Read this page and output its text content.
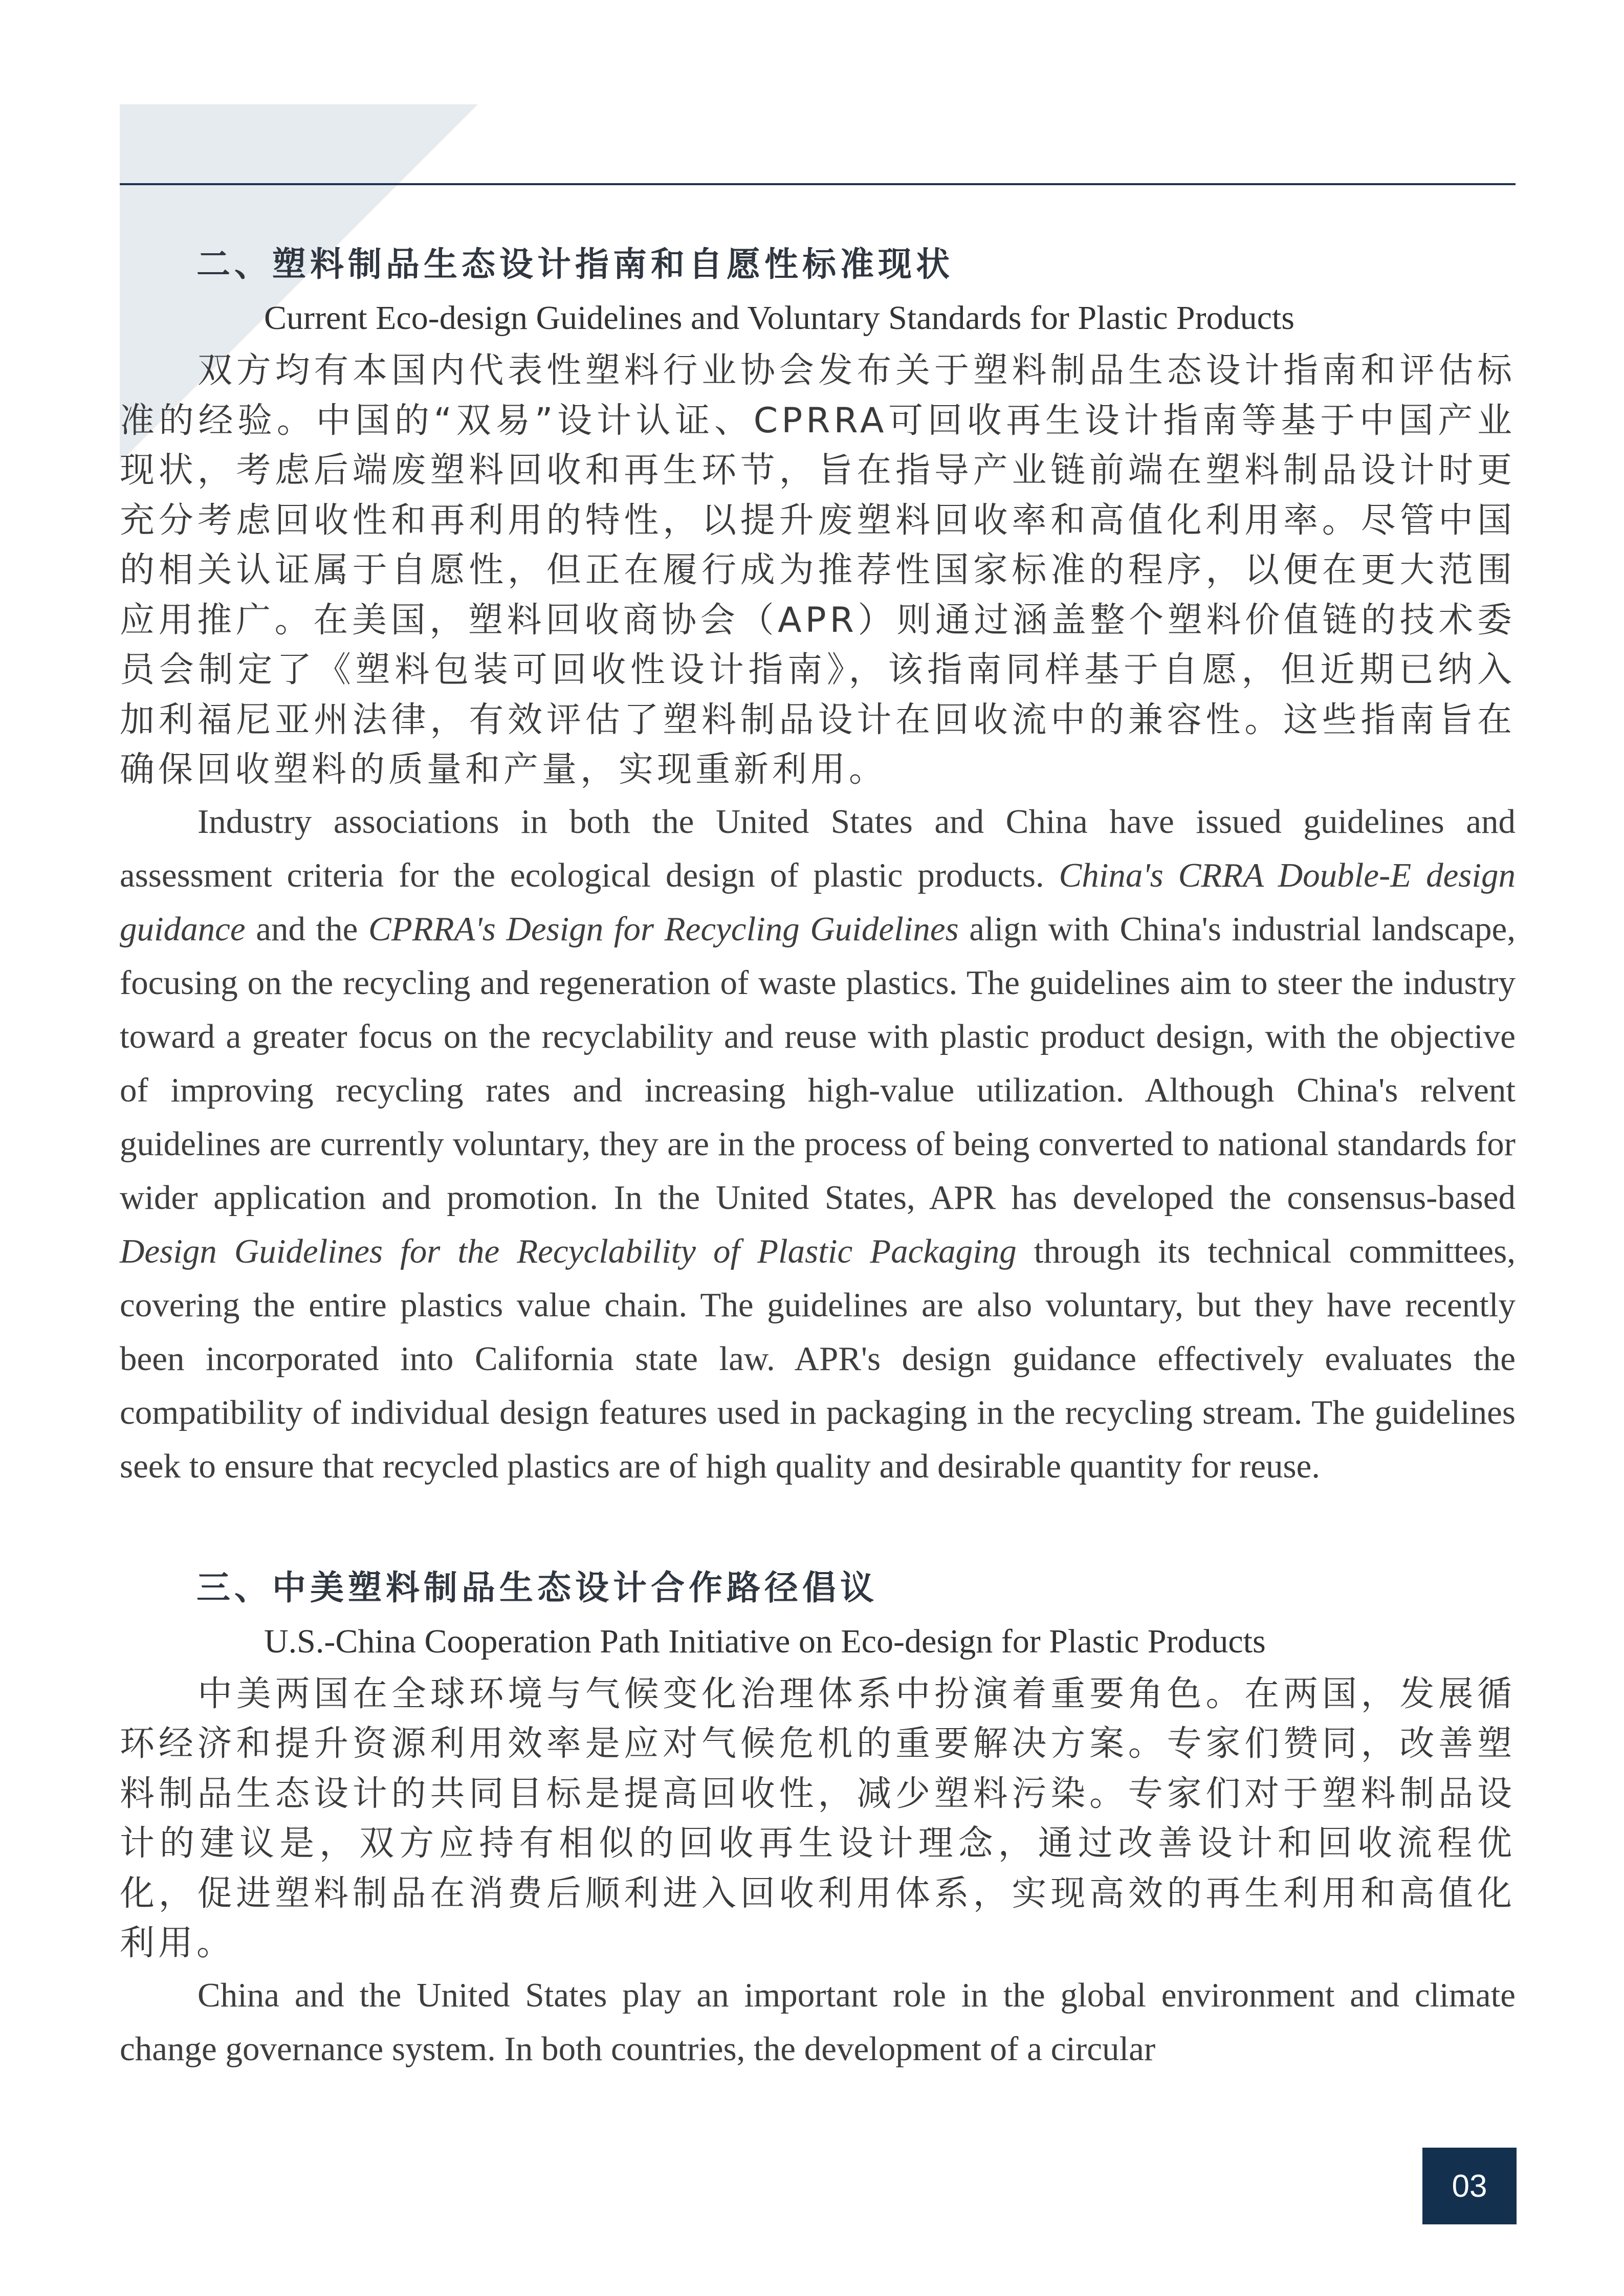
二、塑料制品生态设计指南和自愿性标准现状

Current Eco-design Guidelines and Voluntary Standards for Plastic Products

双方均有本国内代表性塑料行业协会发布关于塑料制品生态设计指南和评估标准的经验。中国的“双易”设计认证、CPRRA可回收再生设计指南等基于中国产业现状，考虑后端废塑料回收和再生环节，旨在指导产业链前端在塑料制品设计时更充分考虑回收性和再利用的特性，以提升废塑料回收率和高值化利用率。尽管中国的相关认证属于自愿性，但正在履行成为推荐性国家标准的程序，以便在更大范围应用推广。在美国，塑料回收商协会（APR）则通过涵盖整个塑料价值链的技术委员会制定了《塑料包装可回收性设计指南》，该指南同样基于自愿，但近期已纳入加利福尼亚州法律，有效评估了塑料制品设计在回收流中的兼容性。这些指南旨在确保回收塑料的质量和产量，实现重新利用。

Industry associations in both the United States and China have issued guidelines and assessment criteria for the ecological design of plastic products. China's CRRA Double-E design guidance and the CPRRA's Design for Recycling Guidelines align with China's industrial landscape, focusing on the recycling and regeneration of waste plastics. The guidelines aim to steer the industry toward a greater focus on the recyclability and reuse with plastic product design, with the objective of improving recycling rates and increasing high-value utilization. Although China's relvent guidelines are currently voluntary, they are in the process of being converted to national standards for wider application and promotion. In the United States, APR has developed the consensus-based Design Guidelines for the Recyclability of Plastic Packaging through its technical committees, covering the entire plastics value chain. The guidelines are also voluntary, but they have recently been incorporated into California state law. APR's design guidance effectively evaluates the compatibility of individual design features used in packaging in the recycling stream. The guidelines seek to ensure that recycled plastics are of high quality and desirable quantity for reuse.

三、中美塑料制品生态设计合作路径倡议

U.S.-China Cooperation Path Initiative on Eco-design for Plastic Products

中美两国在全球环境与气候变化治理体系中扮演着重要角色。在两国，发展循环经济和提升资源利用效率是应对气候危机的重要解决方案。专家们赞同，改善塑料制品生态设计的共同目标是提高回收性，减少塑料污染。专家们对于塑料制品设计的建议是，双方应持有相似的回收再生设计理念，通过改善设计和回收流程优化，促进塑料制品在消费后顺利进入回收利用体系，实现高效的再生利用和高值化利用。

China and the United States play an important role in the global environment and climate change governance system. In both countries, the development of a circular

03
